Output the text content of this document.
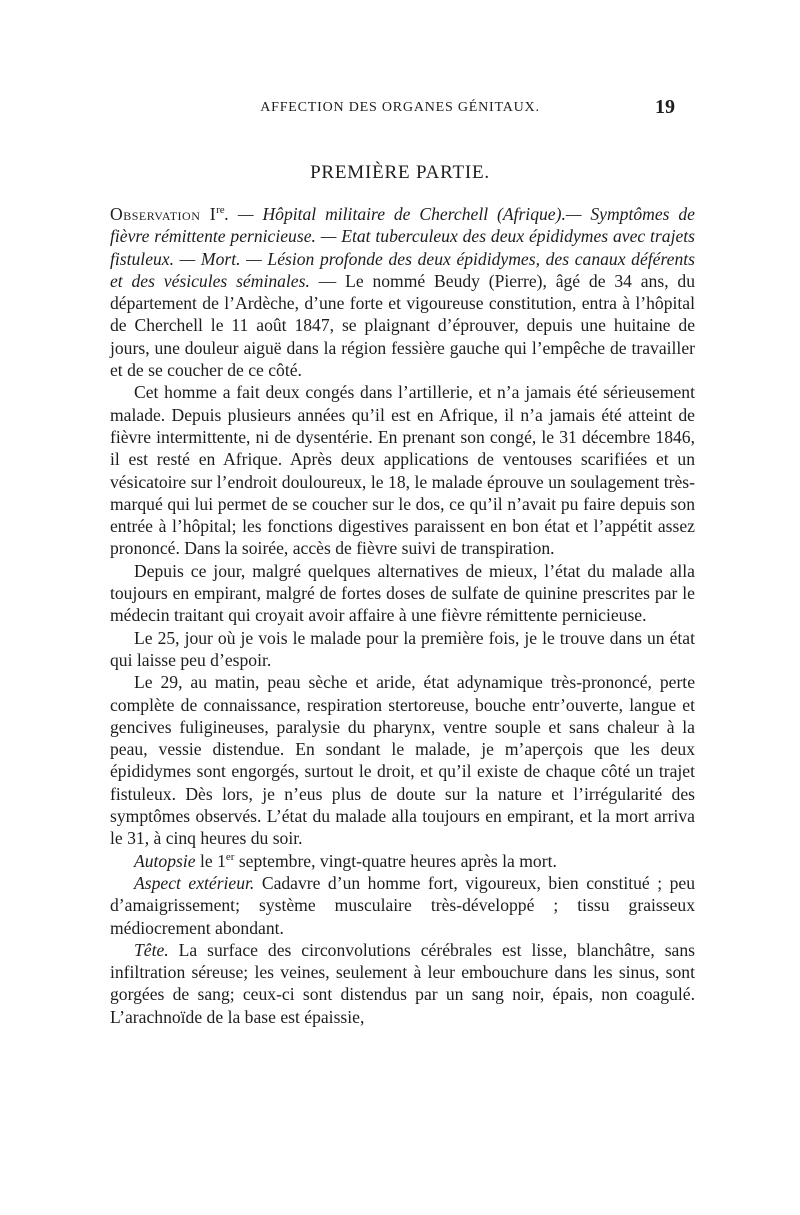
AFFECTION DES ORGANES GÉNITAUX.	19
PREMIÈRE PARTIE.

Observation Ire. — Hôpital militaire de Cherchell (Afrique).— Symptômes de fièvre rémittente pernicieuse. — Etat tuberculeux des deux épididymes avec trajets fistuleux. — Mort. — Lésion profonde des deux épididymes, des canaux déférents et des vésicules séminales. — Le nommé Beudy (Pierre), âgé de 34 ans, du département de l’Ardèche, d’une forte et vigoureuse constitution, entra à l’hôpital de Cherchell le 11 août 1847, se plaignant d’éprouver, depuis une huitaine de jours, une douleur aiguë dans la région fessière gauche qui l’empêche de travailler et de se coucher de ce côté.

Cet homme a fait deux congés dans l’artillerie, et n’a jamais été sérieusement malade. Depuis plusieurs années qu’il est en Afrique, il n’a jamais été atteint de fièvre intermittente, ni de dysentérie. En prenant son congé, le 31 décembre 1846, il est resté en Afrique. Après deux applications de ventouses scarifiées et un vésicatoire sur l’endroit douloureux, le 18, le malade éprouve un soulagement très-marqué qui lui permet de se coucher sur le dos, ce qu’il n’avait pu faire depuis son entrée à l’hôpital; les fonctions digestives paraissent en bon état et l’appétit assez prononcé. Dans la soirée, accès de fièvre suivi de transpiration.

Depuis ce jour, malgré quelques alternatives de mieux, l’état du malade alla toujours en empirant, malgré de fortes doses de sulfate de quinine prescrites par le médecin traitant qui croyait avoir affaire à une fièvre rémittente pernicieuse.

Le 25, jour où je vois le malade pour la première fois, je le trouve dans un état qui laisse peu d’espoir.

Le 29, au matin, peau sèche et aride, état adynamique très-prononcé, perte complète de connaissance, respiration stertoreuse, bouche entr’ouverte, langue et gencives fuligineuses, paralysie du pharynx, ventre souple et sans chaleur à la peau, vessie distendue. En sondant le malade, je m’aperçois que les deux épididymes sont engorgés, surtout le droit, et qu’il existe de chaque côté un trajet fistuleux. Dès lors, je n’eus plus de doute sur la nature et l’irrégularité des symptômes observés. L’état du malade alla toujours en empirant, et la mort arriva le 31, à cinq heures du soir.

Autopsie le 1er septembre, vingt-quatre heures après la mort.

Aspect extérieur. Cadavre d’un homme fort, vigoureux, bien constitué ; peu d’amaigrissement; système musculaire très-développé ; tissu graisseux médiocrement abondant.

Tête. La surface des circonvolutions cérébrales est lisse, blanchâtre, sans infiltration séreuse; les veines, seulement à leur embouchure dans les sinus, sont gorgées de sang; ceux-ci sont distendus par un sang noir, épais, non coagulé. L’arachnoïde de la base est épaissie,
